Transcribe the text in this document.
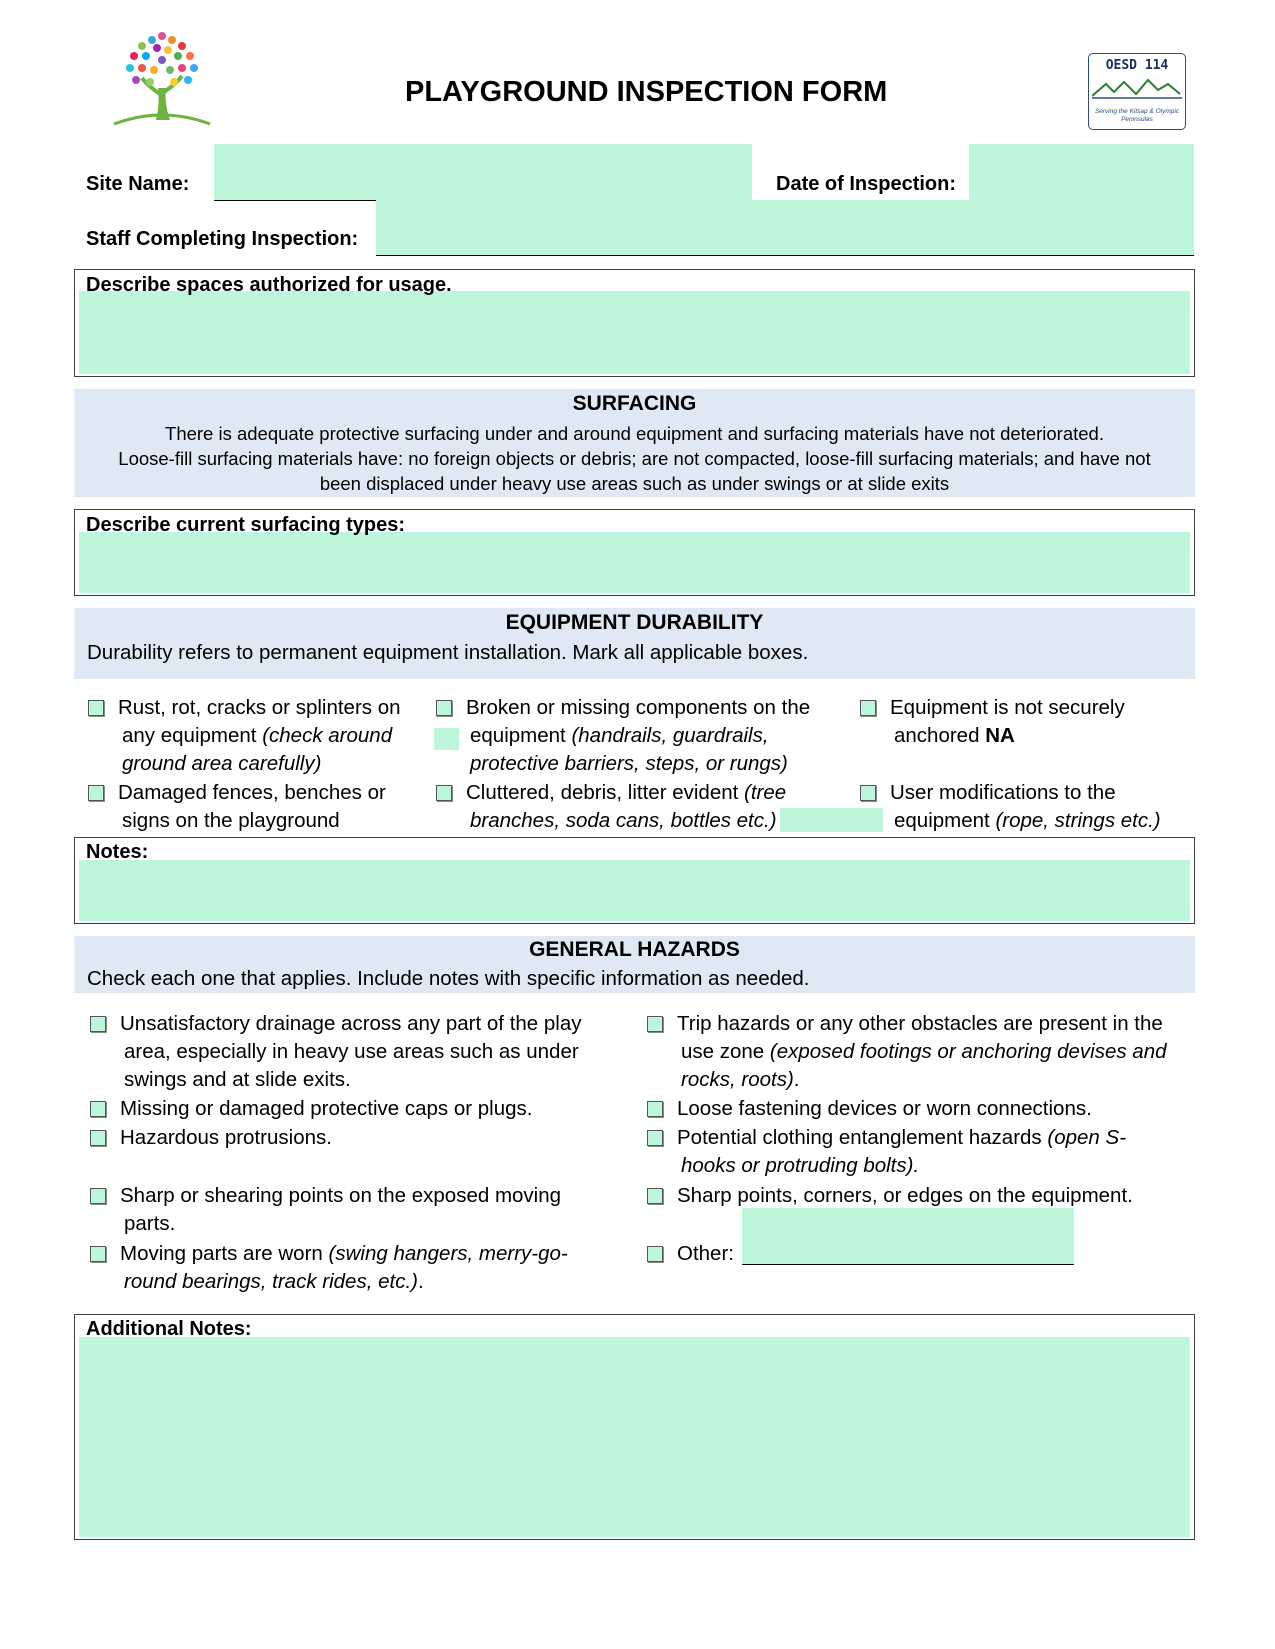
PLAYGROUND INSPECTION FORM
OESD 114
Serving the Kitsap & Olympic Peninsulas
Site Name:	Date of Inspection:
Staff Completing Inspection:
Describe spaces authorized for usage.
SURFACING
There is adequate protective surfacing under and around equipment and surfacing materials have not deteriorated.
Loose-fill surfacing materials have: no foreign objects or debris; are not compacted, loose-fill surfacing materials; and have not
been displaced under heavy use areas such as under swings or at slide exits
Describe current surfacing types:
EQUIPMENT DURABILITY
Durability refers to permanent equipment installation. Mark all applicable boxes.
Rust, rot, cracks or splinters on
any equipment (check around
ground area carefully)
Broken or missing components on the
equipment (handrails, guardrails,
protective barriers, steps, or rungs)
Equipment is not securely
anchored NA
Damaged fences, benches or
signs on the playground
Cluttered, debris, litter evident (tree
branches, soda cans, bottles etc.)
User modifications to the
equipment (rope, strings etc.)
Notes:
GENERAL HAZARDS
Check each one that applies. Include notes with specific information as needed.
Unsatisfactory drainage across any part of the play
area, especially in heavy use areas such as under
swings and at slide exits.
Missing or damaged protective caps or plugs.
Hazardous protrusions.
Sharp or shearing points on the exposed moving
parts.
Moving parts are worn (swing hangers, merry-go-
round bearings, track rides, etc.).
Trip hazards or any other obstacles are present in the
use zone (exposed footings or anchoring devises and
rocks, roots).
Loose fastening devices or worn connections.
Potential clothing entanglement hazards (open S-
hooks or protruding bolts).
Sharp points, corners, or edges on the equipment.
Other:
Additional Notes:
